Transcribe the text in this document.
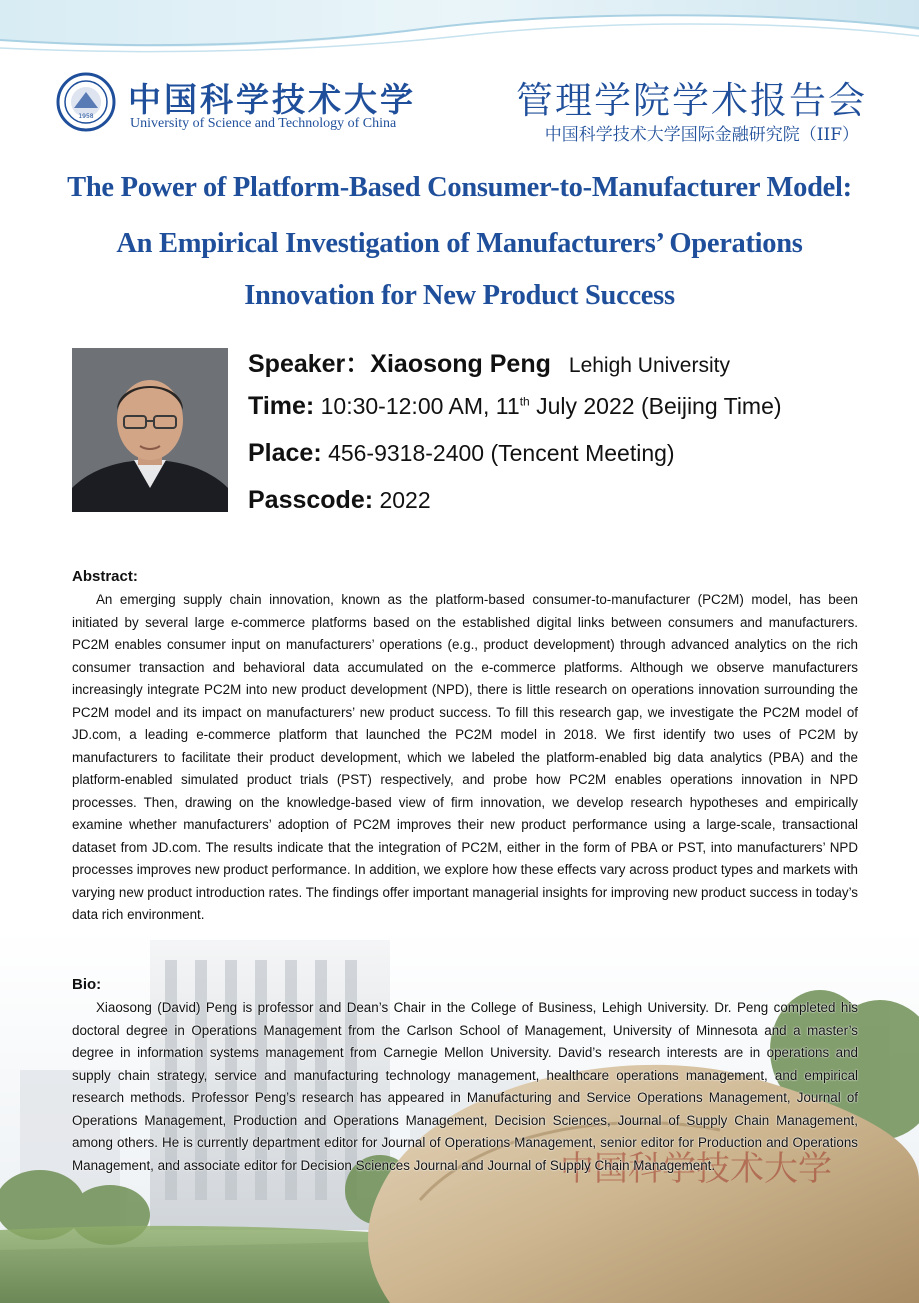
中国科学技术大学
1958 中国科学技术大学
University of Science and Technology of China
管理学院学术报告会
中国科学技术大学国际金融研究院（IIF）
The Power of Platform-Based Consumer-to-Manufacturer Model:
An Empirical Investigation of Manufacturers’ Operations
Innovation for New Product Success
Speaker：Xiaosong Peng Lehigh University
Time: 10:30-12:00 AM, 11th July 2022 (Beijing Time)
Place: 456-9318-2400 (Tencent Meeting)
Passcode: 2022
Abstract:

An emerging supply chain innovation, known as the platform-based consumer-to-manufacturer (PC2M) model, has been initiated by several large e-commerce platforms based on the established digital links between consumers and manufacturers. PC2M enables consumer input on manufacturers’ operations (e.g., product development) through advanced analytics on the rich consumer transaction and behavioral data accumulated on the e-commerce platforms. Although we observe manufacturers increasingly integrate PC2M into new product development (NPD), there is little research on operations innovation surrounding the PC2M model and its impact on manufacturers’ new product success. To fill this research gap, we investigate the PC2M model of JD.com, a leading e-commerce platform that launched the PC2M model in 2018. We first identify two uses of PC2M by manufacturers to facilitate their product development, which we labeled the platform-enabled big data analytics (PBA) and the platform-enabled simulated product trials (PST) respectively, and probe how PC2M enables operations innovation in NPD processes. Then, drawing on the knowledge-based view of firm innovation, we develop research hypotheses and empirically examine whether manufacturers’ adoption of PC2M improves their new product performance using a large-scale, transactional dataset from JD.com. The results indicate that the integration of PC2M, either in the form of PBA or PST, into manufacturers’ NPD processes improves new product performance. In addition, we explore how these effects vary across product types and markets with varying new product introduction rates. The findings offer important managerial insights for improving new product success in today’s data rich environment.

Bio:

Xiaosong (David) Peng is professor and Dean’s Chair in the College of Business, Lehigh University. Dr. Peng completed his doctoral degree in Operations Management from the Carlson School of Management, University of Minnesota and a master’s degree in information systems management from Carnegie Mellon University. David’s research interests are in operations and supply chain strategy, service and manufacturing technology management, healthcare operations management, and empirical research methods. Professor Peng’s research has appeared in Manufacturing and Service Operations Management, Journal of Operations Management, Production and Operations Management, Decision Sciences, Journal of Supply Chain Management, among others. He is currently department editor for Journal of Operations Management, senior editor for Production and Operations Management, and associate editor for Decision Sciences Journal and Journal of Supply Chain Management.
